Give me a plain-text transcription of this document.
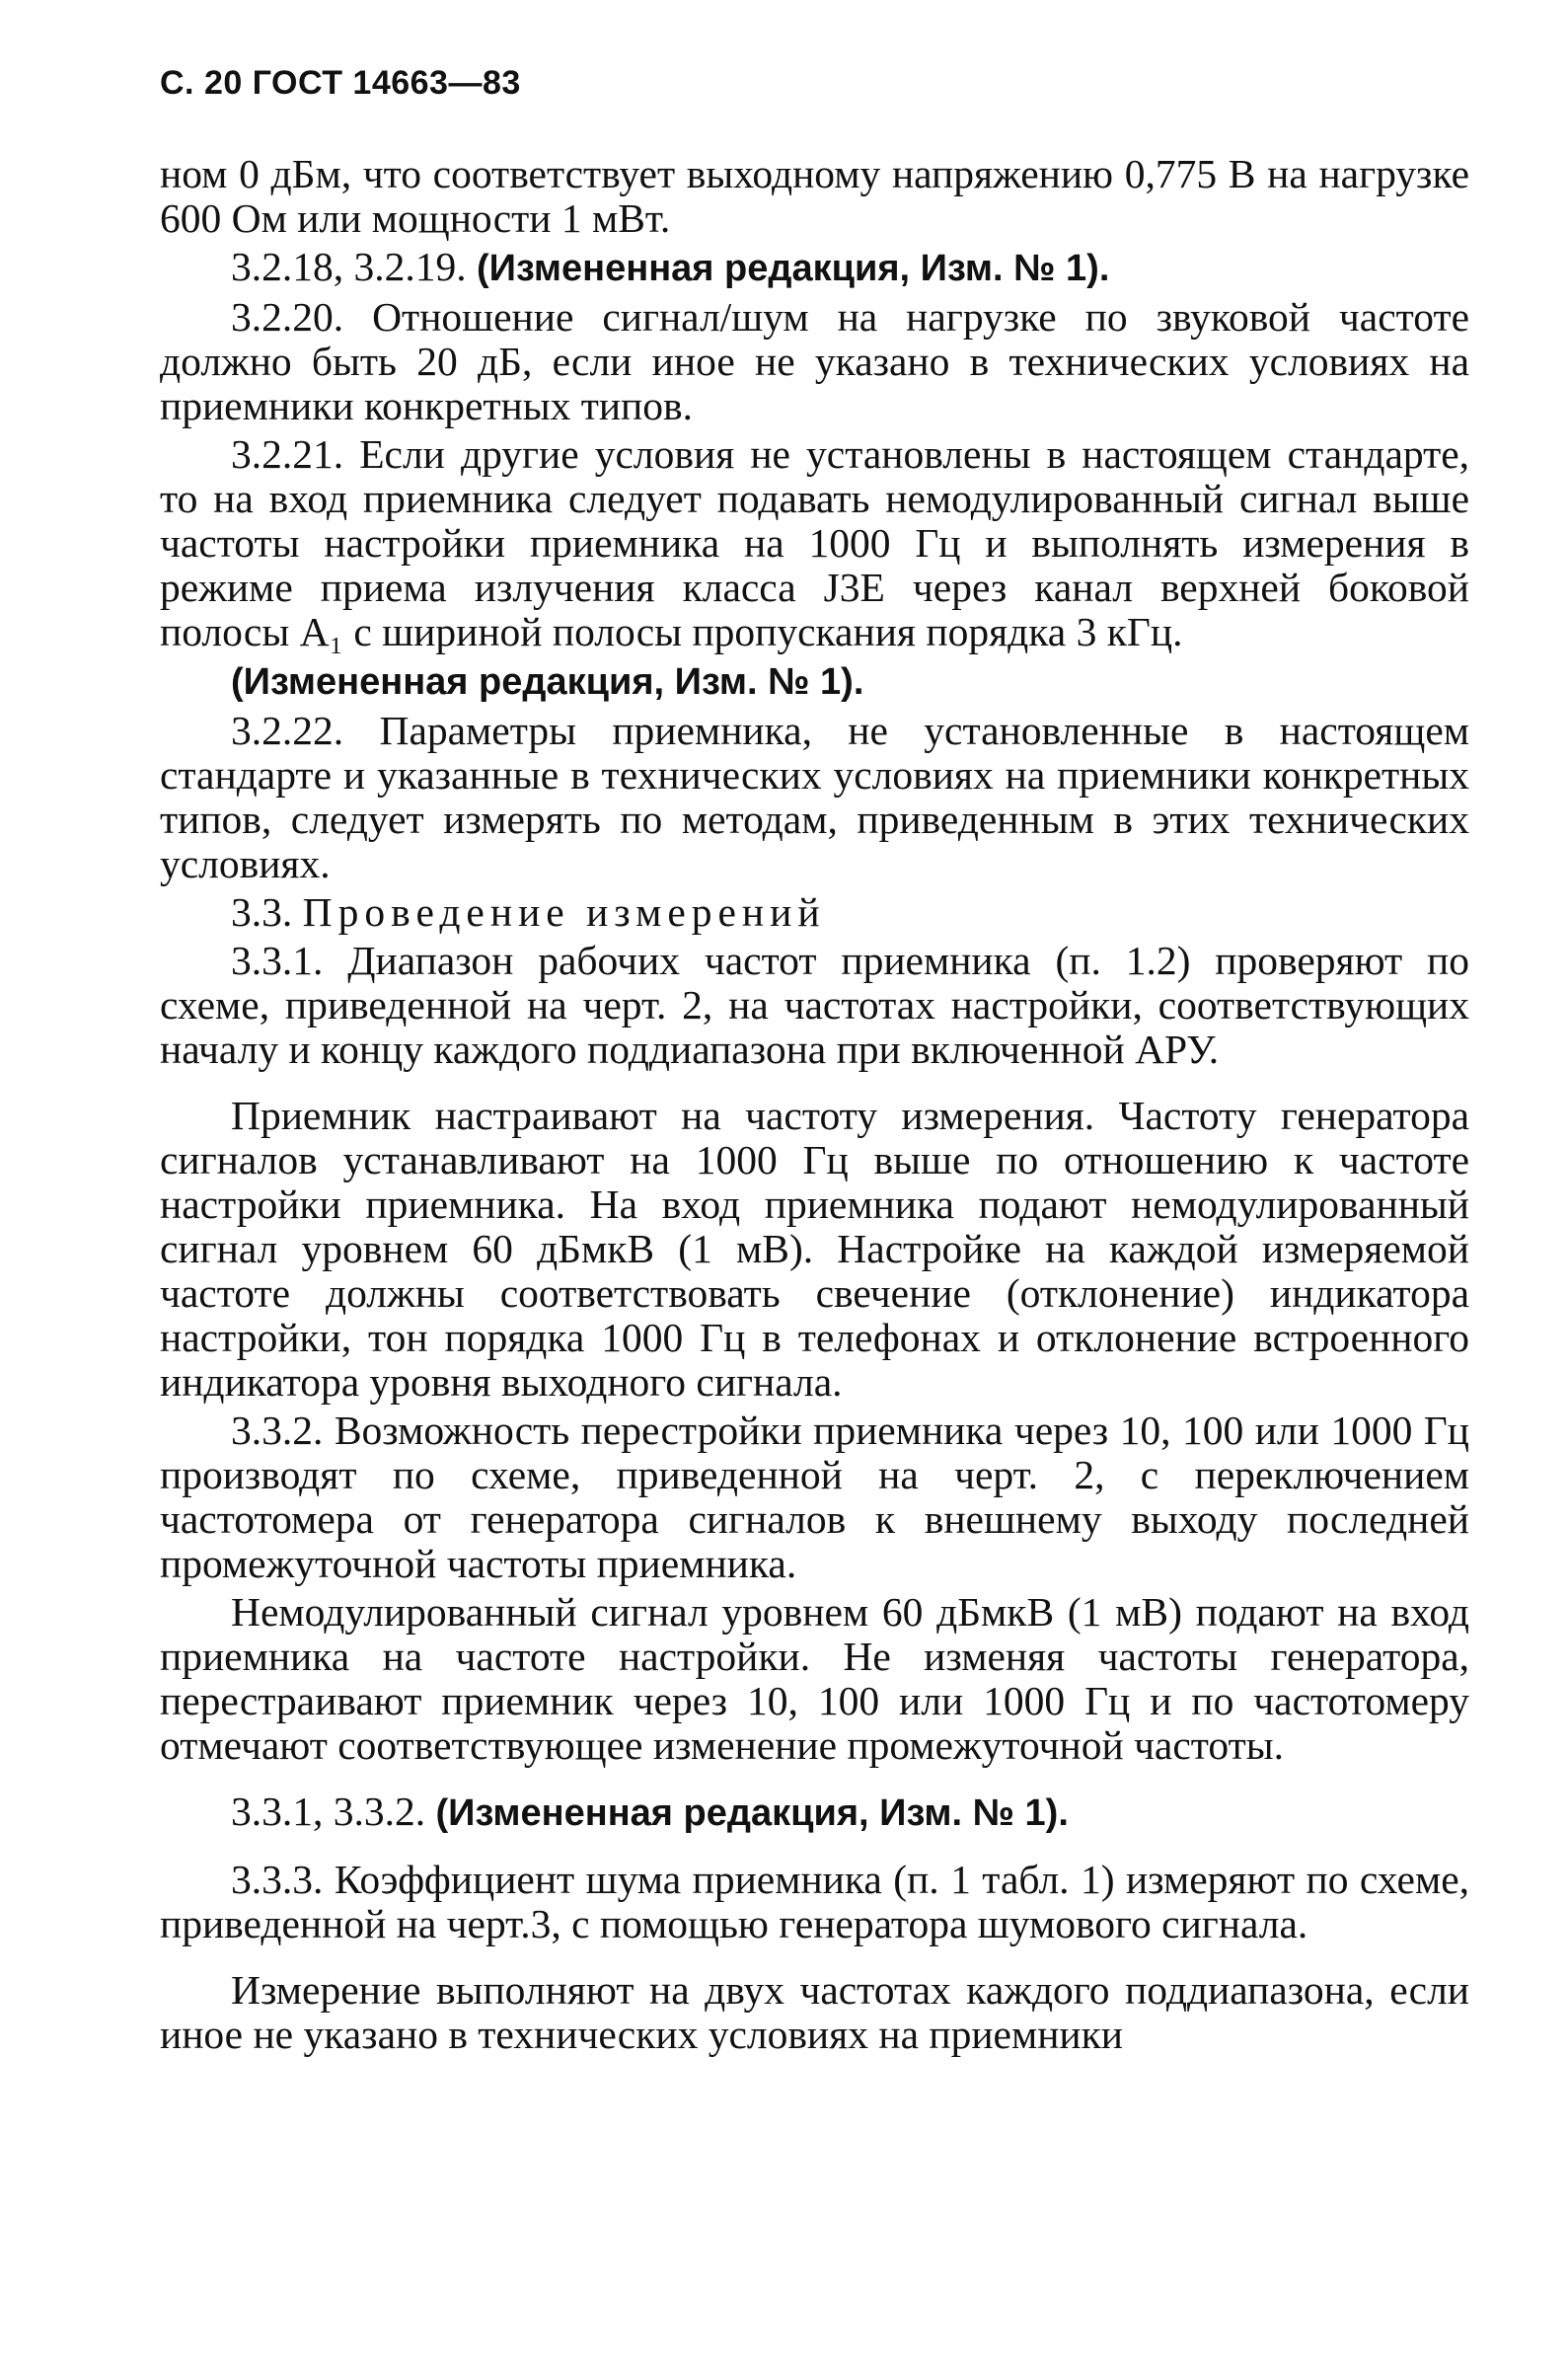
С. 20 ГОСТ 14663—83

ном 0 дБм, что соответствует выходному напряжению 0,775 В на нагрузке 600 Ом или мощности 1 мВт.

3.2.18, 3.2.19. (Измененная редакция, Изм. № 1).

3.2.20. Отношение сигнал/шум на нагрузке по звуковой частоте должно быть 20 дБ, если иное не указано в технических условиях на приемники конкретных типов.

3.2.21. Если другие условия не установлены в настоящем стандарте, то на вход приемника следует подавать немодулированный сигнал выше частоты настройки приемника на 1000 Гц и выполнять измерения в режиме приема излучения класса J3E через канал верхней боковой полосы A₁ с шириной полосы пропускания порядка 3 кГц.

(Измененная редакция, Изм. № 1).

3.2.22. Параметры приемника, не установленные в настоящем стандарте и указанные в технических условиях на приемники конкретных типов, следует измерять по методам, приведенным в этих технических условиях.

3.3. Проведение измерений

3.3.1. Диапазон рабочих частот приемника (п. 1.2) проверяют по схеме, приведенной на черт. 2, на частотах настройки, соответствующих началу и концу каждого поддиапазона при включенной АРУ.

Приемник настраивают на частоту измерения. Частоту генератора сигналов устанавливают на 1000 Гц выше по отношению к частоте настройки приемника. На вход приемника подают немодулированный сигнал уровнем 60 дБмкВ (1 мВ). Настройке на каждой измеряемой частоте должны соответствовать свечение (отклонение) индикатора настройки, тон порядка 1000 Гц в телефонах и отклонение встроенного индикатора уровня выходного сигнала.

3.3.2. Возможность перестройки приемника через 10, 100 или 1000 Гц производят по схеме, приведенной на черт. 2, с переключением частотомера от генератора сигналов к внешнему выходу последней промежуточной частоты приемника.

Немодулированный сигнал уровнем 60 дБмкВ (1 мВ) подают на вход приемника на частоте настройки. Не изменяя частоты генератора, перестраивают приемник через 10, 100 или 1000 Гц и по частотомеру отмечают соответствующее изменение промежуточной частоты.

3.3.1, 3.3.2. (Измененная редакция, Изм. № 1).

3.3.3. Коэффициент шума приемника (п. 1 табл. 1) измеряют по схеме, приведенной на черт.3, с помощью генератора шумового сигнала.

Измерение выполняют на двух частотах каждого поддиапазона, если иное не указано в технических условиях на приемники
